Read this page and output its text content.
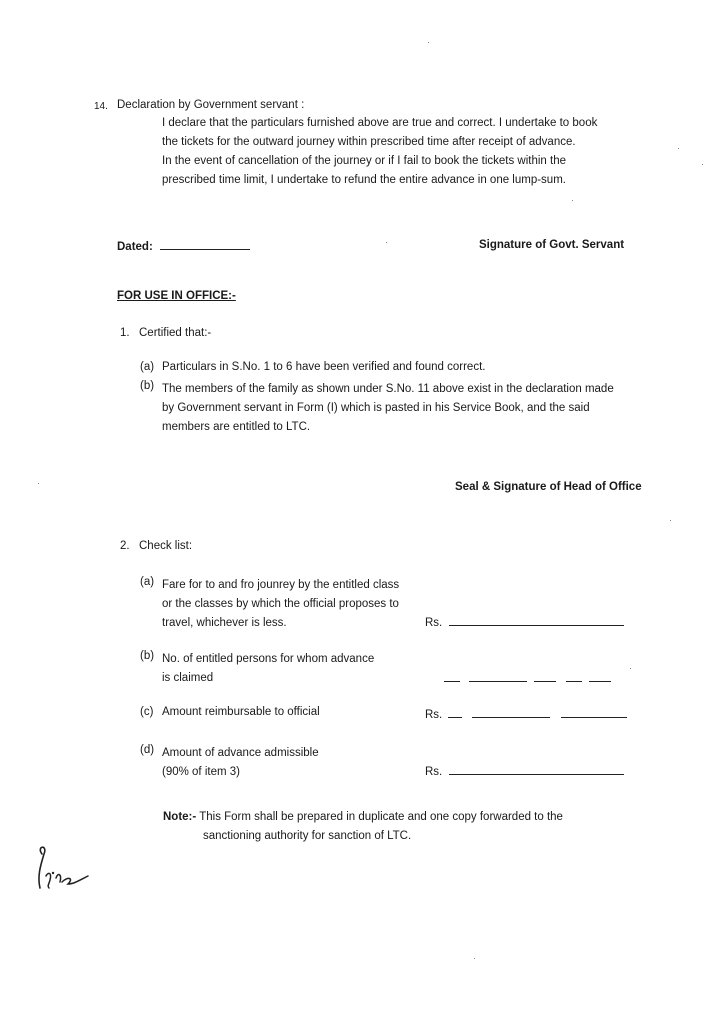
14. Declaration by Government servant :
I declare that the particulars furnished above are true and correct. I undertake to book
the tickets for the outward journey within prescribed time after receipt of advance.
In the event of cancellation of the journey or if I fail to book the tickets within the
prescribed time limit, I undertake to refund the entire advance in one lump-sum.
Dated:	Signature of Govt. Servant
FOR USE IN OFFICE:-
1. Certified that:-
(a) Particulars in S.No. 1 to 6 have been verified and found correct.
(b) The members of the family as shown under S.No. 11 above exist in the declaration made
by Government servant in Form (I) which is pasted in his Service Book, and the said
members are entitled to LTC.
Seal & Signature of Head of Office
2. Check list:
(a) Fare for to and fro jounrey by the entitled class
or the classes by which the official proposes to
travel, whichever is less.	Rs.
(b) No. of entitled persons for whom advance
is claimed

(c) Amount reimbursable to official	Rs.
(d) Amount of advance admissible
(90% of item 3)	Rs.
Note:- This Form shall be prepared in duplicate and one copy forwarded to the
sanctioning authority for sanction of LTC.
